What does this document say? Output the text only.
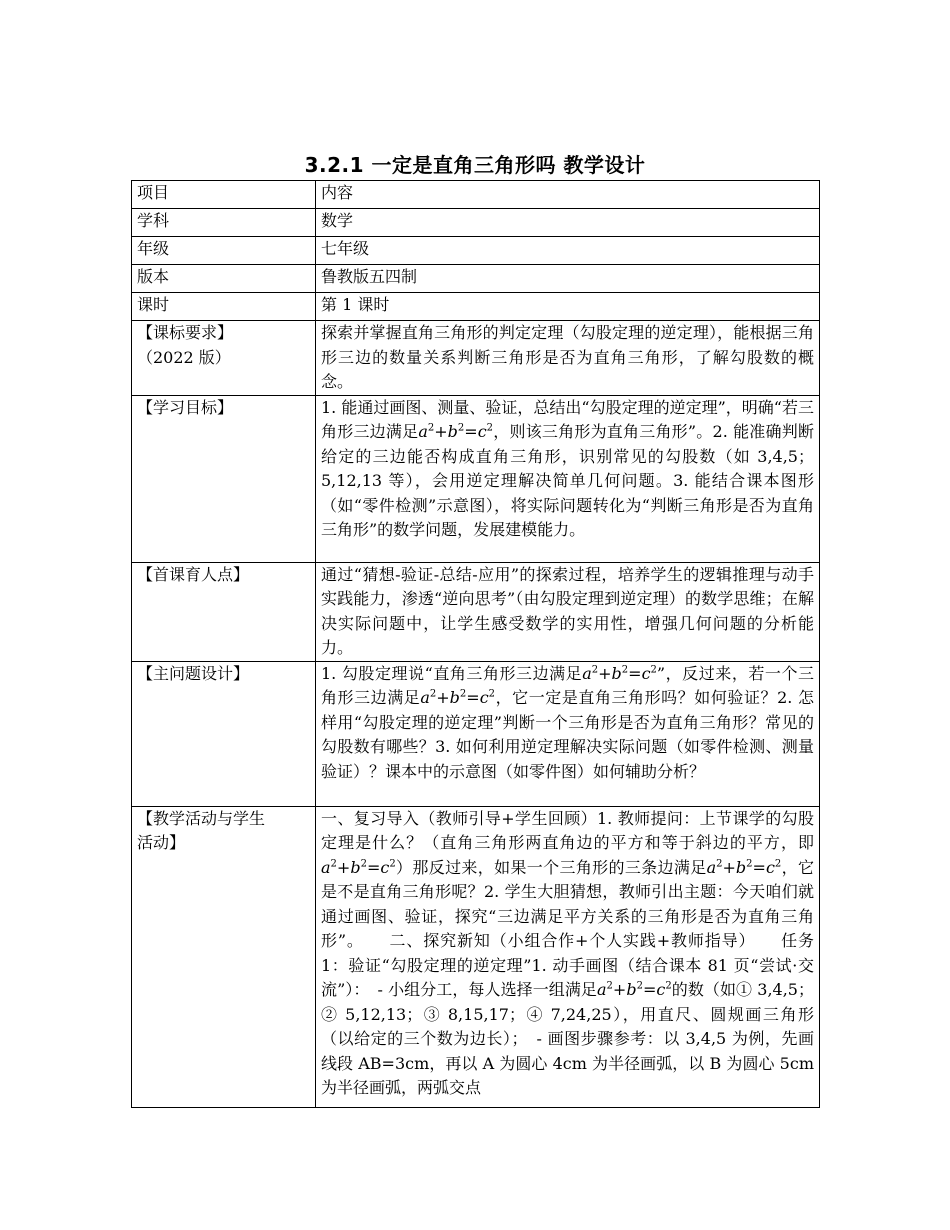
3.2.1 一定是直角三角形吗 教学设计
项目	内容
学科	数学
年级	七年级
版本	鲁教版五四制
课时	第 1 课时

【课标要求】
（2022 版）	探索并掌握直角三角形的判定定理（勾股定理的逆定理），能根据三角形三边的数量关系判断三角形是否为直角三角形，了解勾股数的概念。
【学习目标】	1. 能通过画图、测量、验证，总结出“勾股定理的逆定理”，明确“若三角形三边满足$a^2+b^2=c^2$，则该三角形为直角三角形”。2. 能准确判断给定的三边能否构成直角三角形，识别常见的勾股数（如 3,4,5；5,12,13 等），会用逆定理解决简单几何问题。3. 能结合课本图形（如“零件检测”示意图），将实际问题转化为“判断三角形是否为直角三角形”的数学问题，发展建模能力。
【首课育人点】	通过“猜想-验证-总结-应用”的探索过程，培养学生的逻辑推理与动手实践能力，渗透“逆向思考”（由勾股定理到逆定理）的数学思维；在解决实际问题中，让学生感受数学的实用性，增强几何问题的分析能力。
【主问题设计】	1. 勾股定理说“直角三角形三边满足$a^2+b^2=c^2$”，反过来，若一个三角形三边满足$a^2+b^2=c^2$，它一定是直角三角形吗？如何验证？2. 怎样用“勾股定理的逆定理”判断一个三角形是否为直角三角形？常见的勾股数有哪些？3. 如何利用逆定理解决实际问题（如零件检测、测量验证）？课本中的示意图（如零件图）如何辅助分析？

【教学活动与学生
活动】	一、复习导入（教师引导+学生回顾）1. 教师提问：上节课学的勾股定理是什么？（直角三角形两直角边的平方和等于斜边的平方，即$a^2+b^2=c^2$）那反过来，如果一个三角形的三条边满足$a^2+b^2=c^2$，它是不是直角三角形呢？2. 学生大胆猜想，教师引出主题：今天咱们就通过画图、验证，探究“三边满足平方关系的三角形是否为直角三角形”。　　二、探究新知（小组合作+个人实践+教师指导）　　任务 1：验证“勾股定理的逆定理”1. 动手画图（结合课本 81 页“尝试·交流”）：　- 小组分工，每人选择一组满足$a^2+b^2=c^2$的数（如① 3,4,5；② 5,12,13；③ 8,15,17；④ 7,24,25），用直尺、圆规画三角形（以给定的三个数为边长）；　- 画图步骤参考：以 3,4,5 为例，先画线段 AB=3cm，再以 A 为圆心 4cm 为半径画弧，以 B 为圆心 5cm 为半径画弧，两弧交点
